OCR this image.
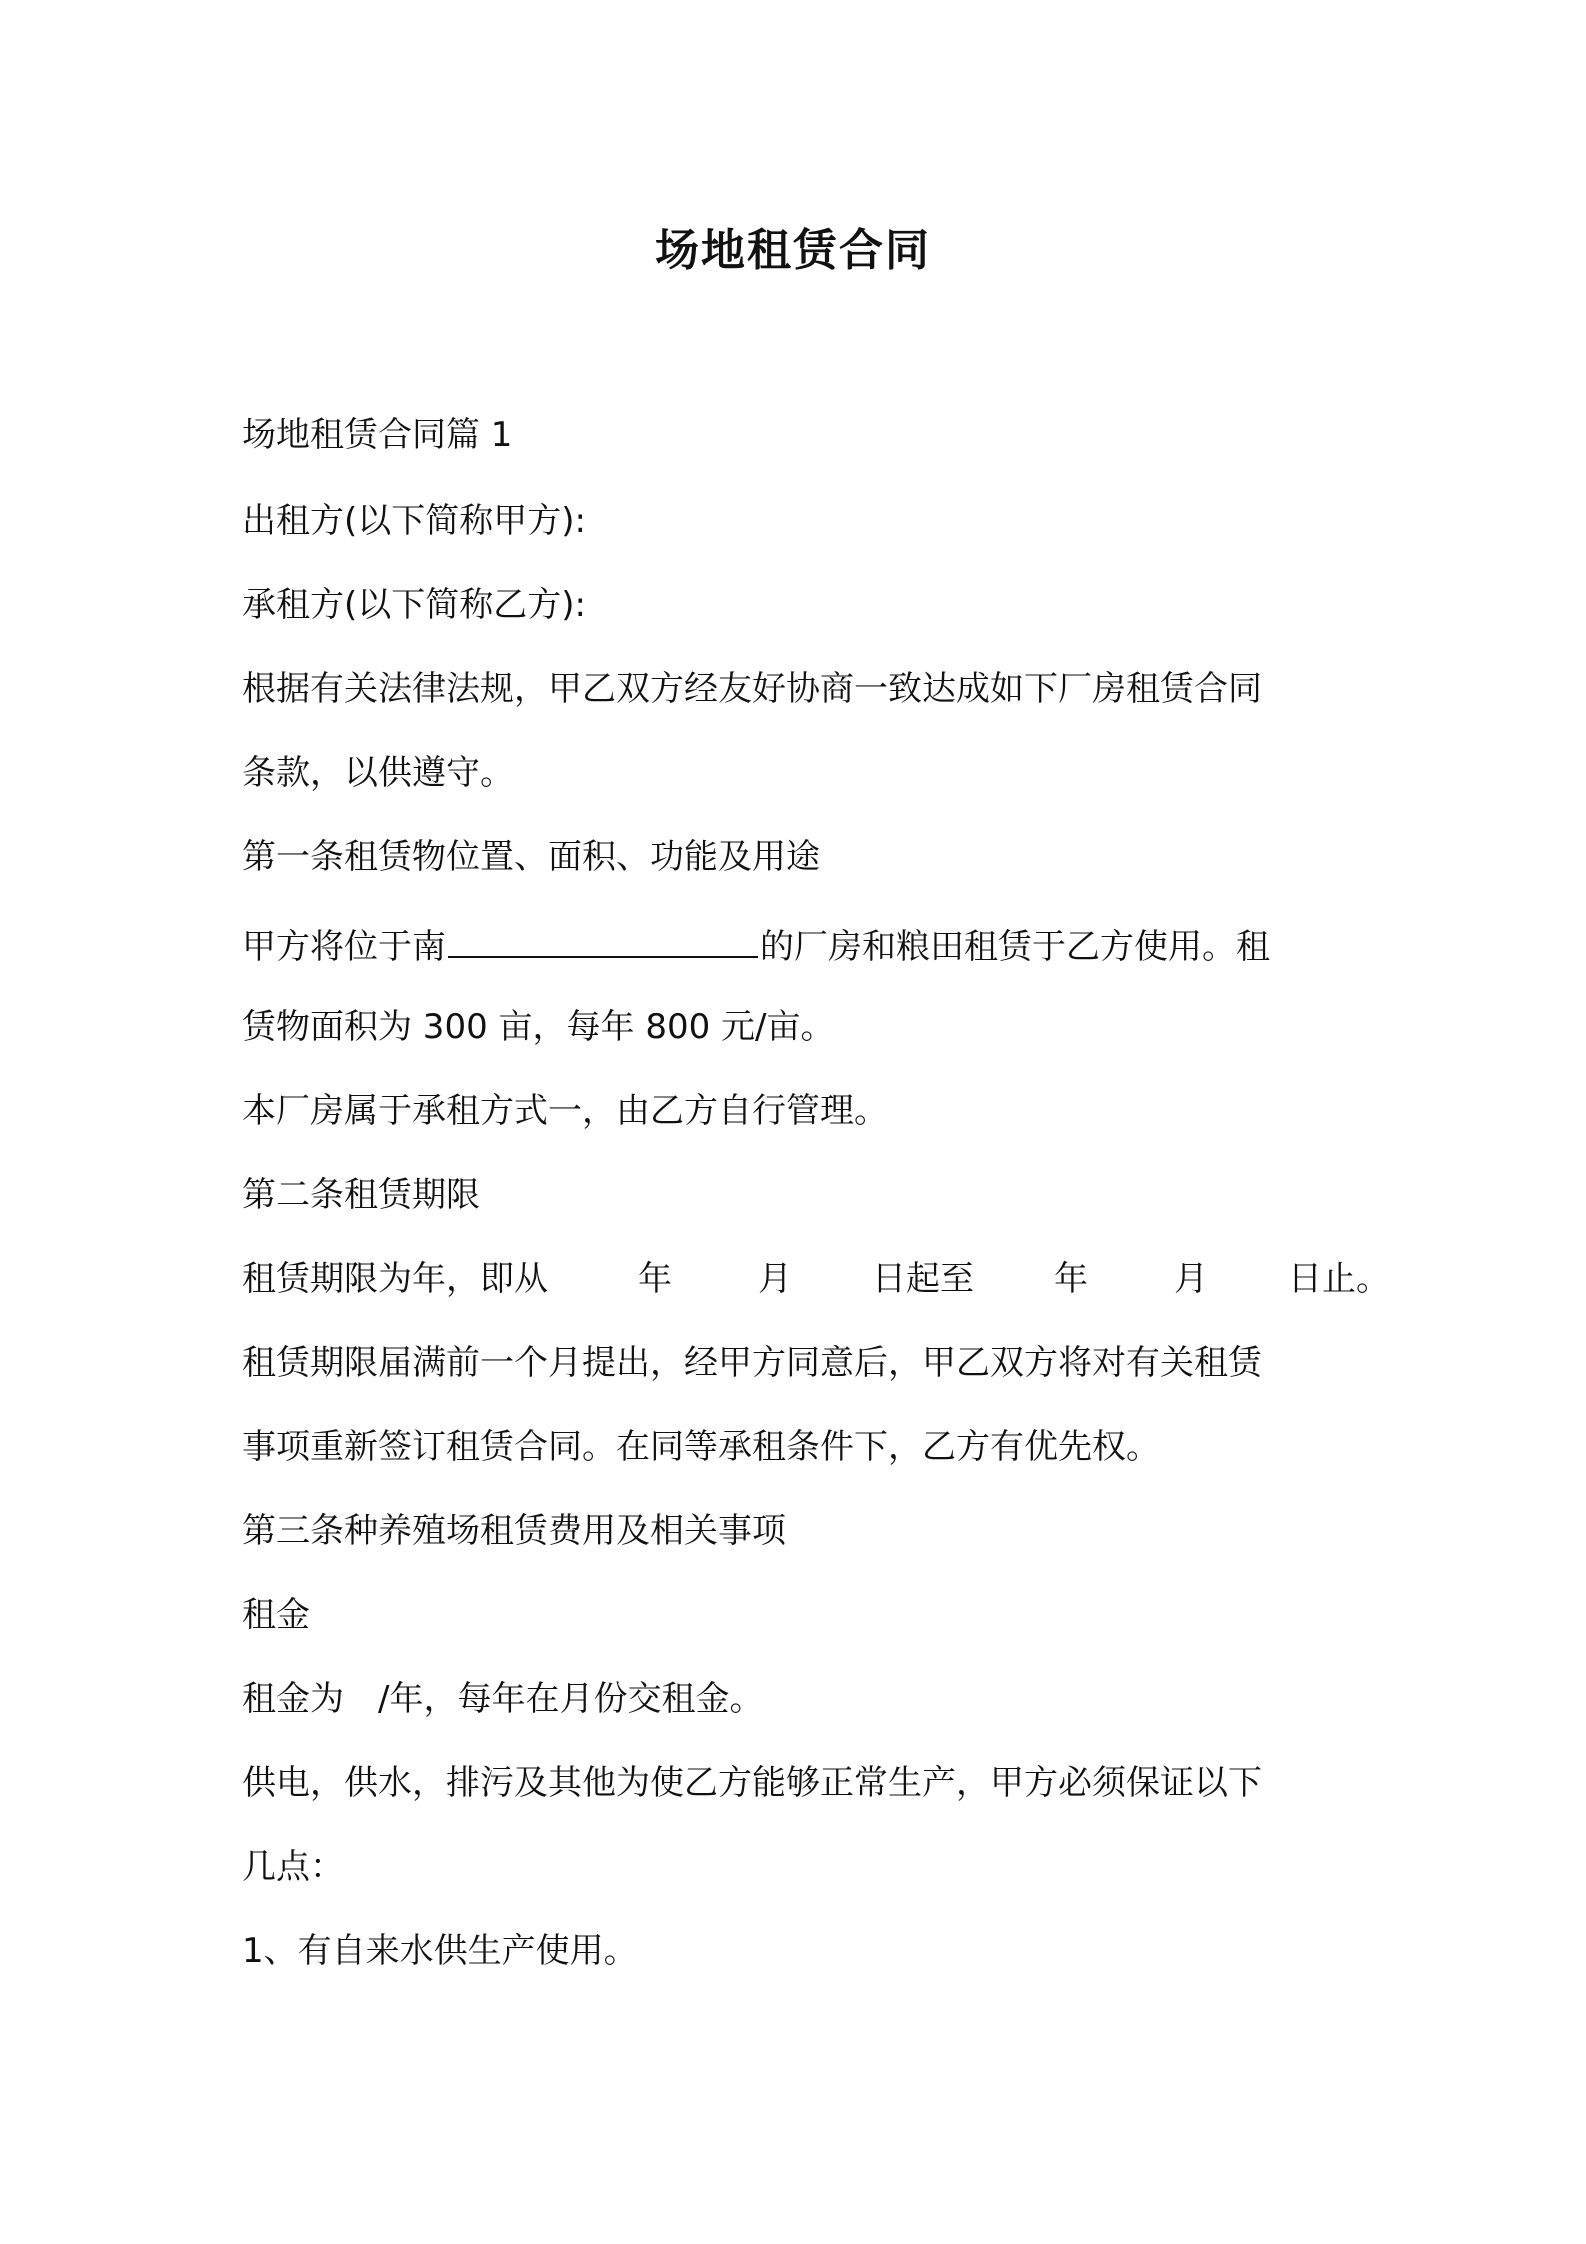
场地租赁合同

场地租赁合同篇 1

出租方(以下简称甲方):

承租方(以下简称乙方):

根据有关法律法规，甲乙双方经友好协商一致达成如下厂房租赁合同

条款，以供遵守。

第一条租赁物位置、面积、功能及用途

甲方将位于南	的厂房和粮田租赁于乙方使用。租

赁物面积为 300 亩，每年 800 元/亩。

本厂房属于承租方式一，由乙方自行管理。

第二条租赁期限

租赁期限为年，即从	年	月 日起至 年	月 日止。

租赁期限届满前一个月提出，经甲方同意后，甲乙双方将对有关租赁

事项重新签订租赁合同。在同等承租条件下，乙方有优先权。

第三条种养殖场租赁费用及相关事项

租金

租金为　/年，每年在月份交租金。

供电，供水，排污及其他为使乙方能够正常生产，甲方必须保证以下

几点：

1、有自来水供生产使用。
